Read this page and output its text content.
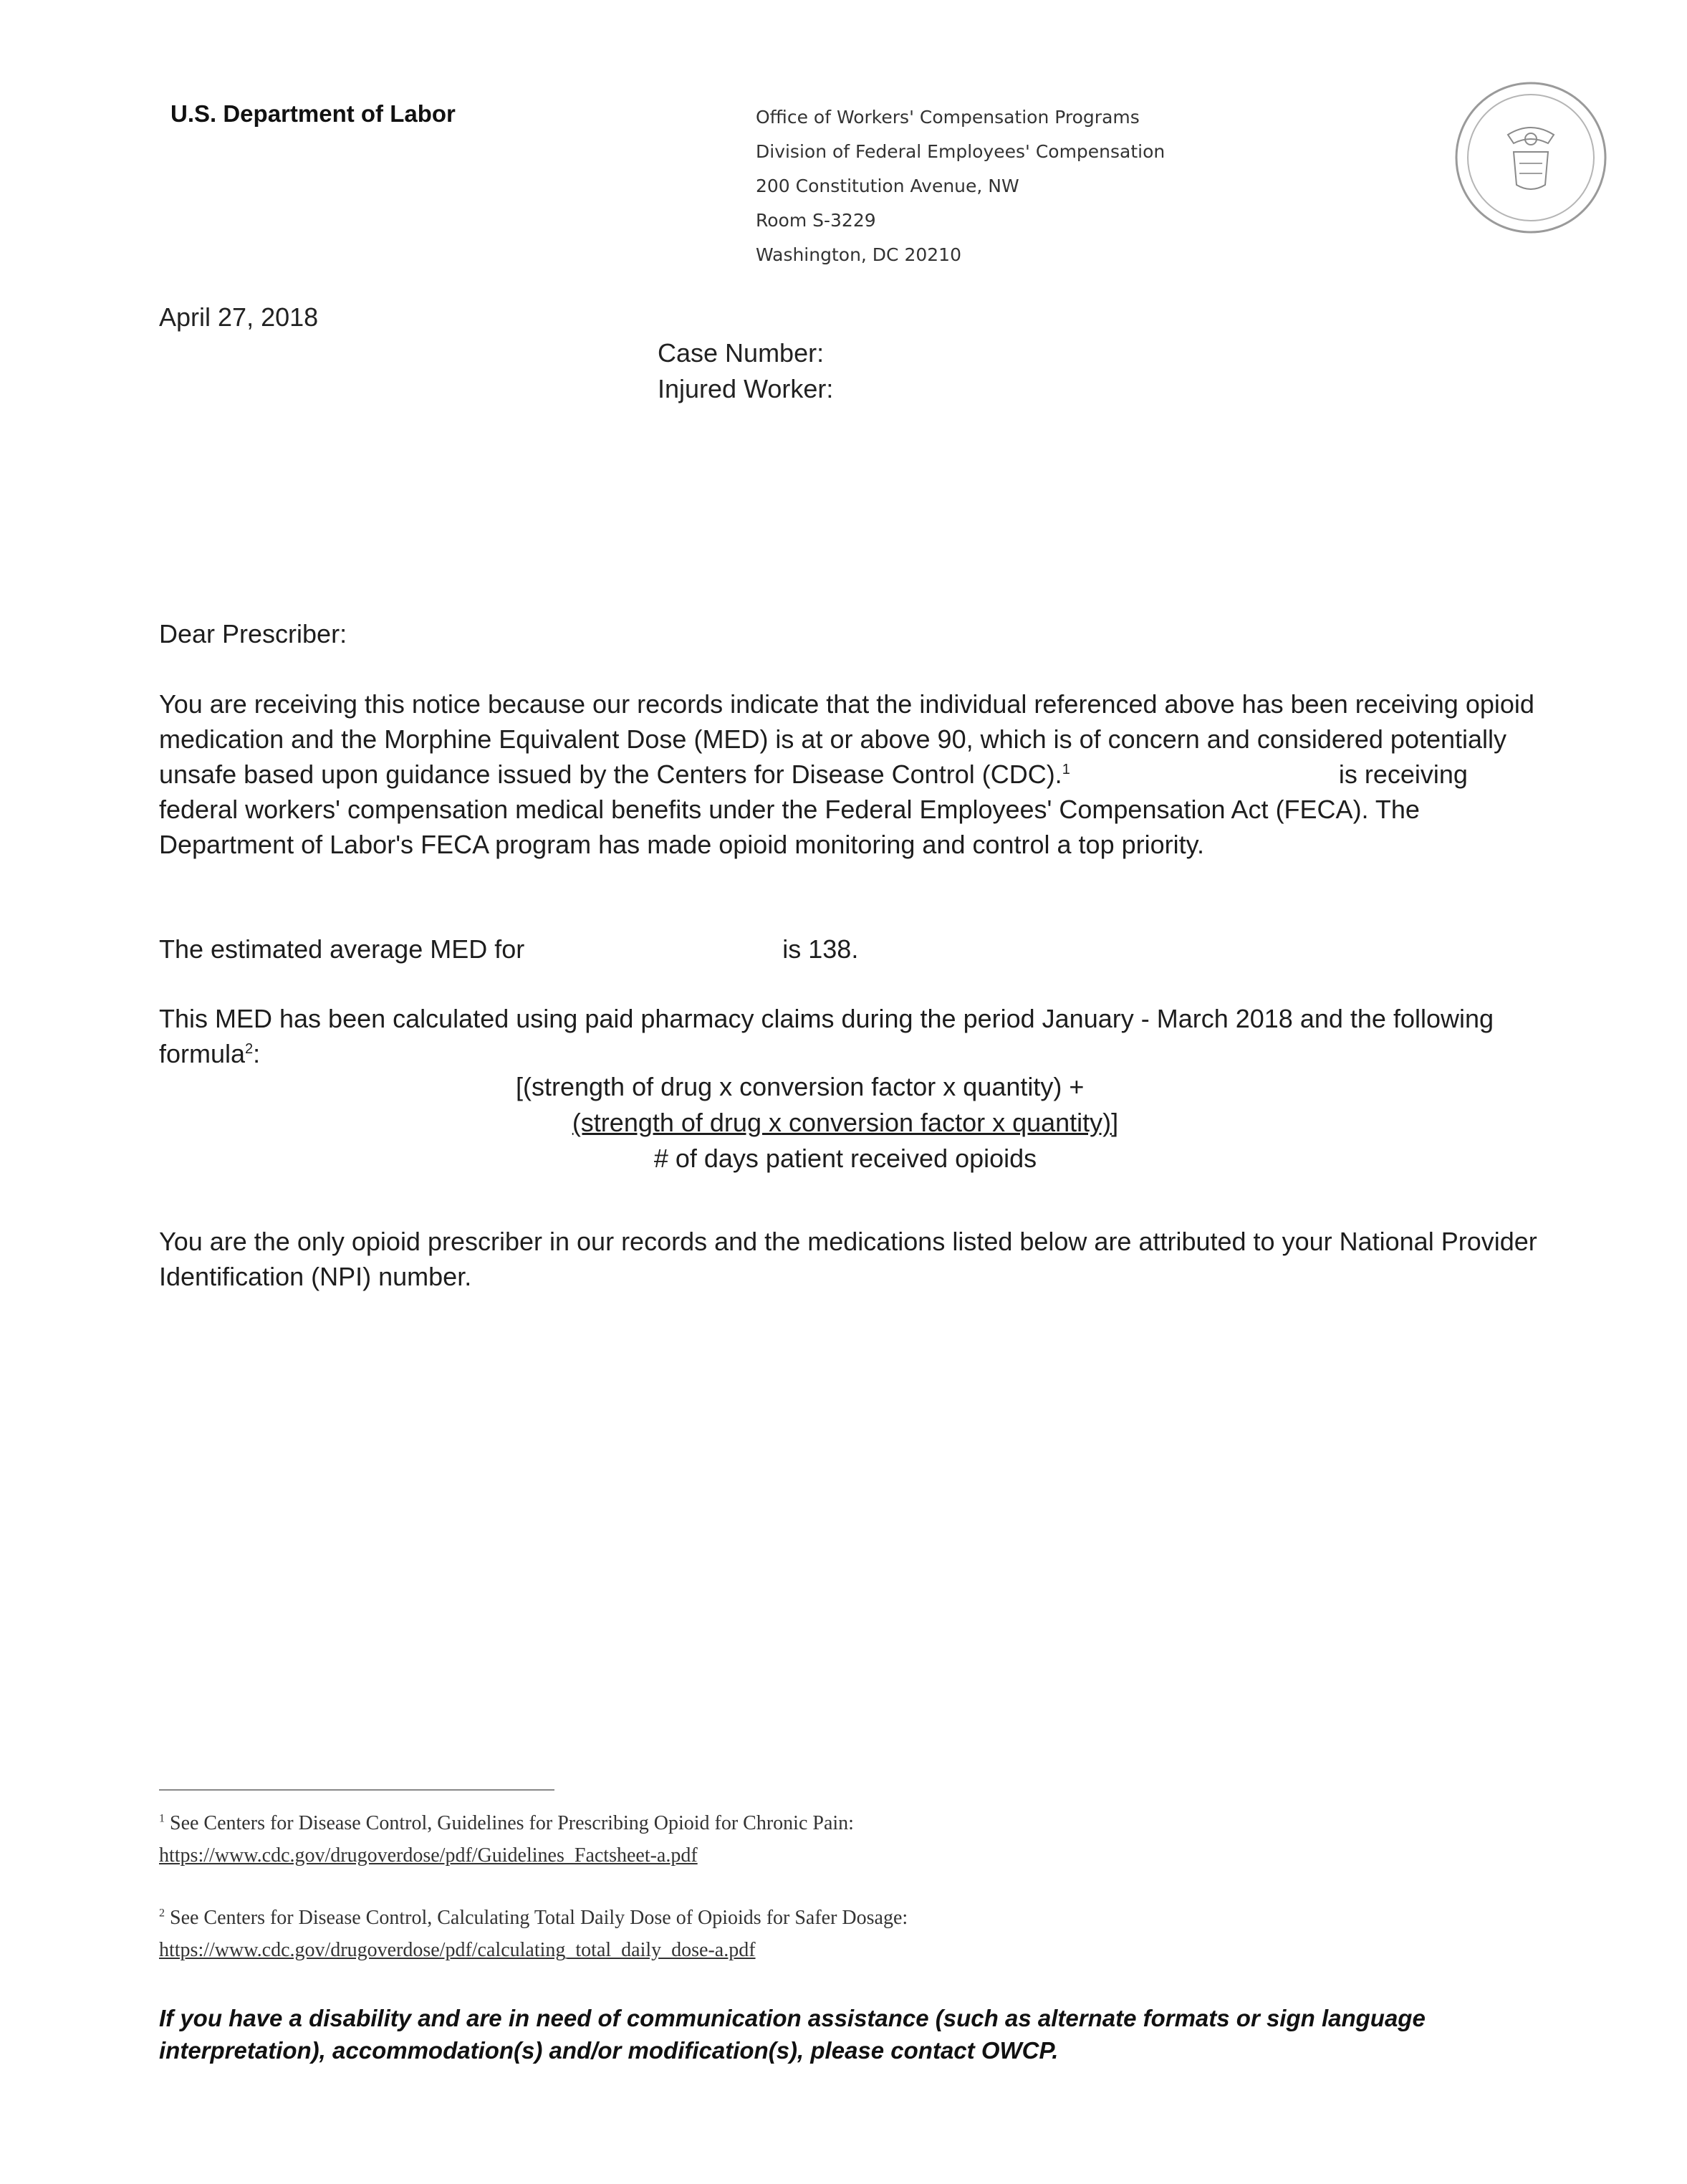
U.S. Department of Labor	Office of Workers' Compensation Programs
Division of Federal Employees' Compensation
200 Constitution Avenue, NW
Room S-3229
Washington, DC 20210
April 27, 2018
Case Number:
Injured Worker:
Dear Prescriber:
You are receiving this notice because our records indicate that the individual referenced above has been receiving opioid medication and the Morphine Equivalent Dose (MED) is at or above 90, which is of concern and considered potentially unsafe based upon guidance issued by the Centers for Disease Control (CDC).$^1$	is receiving federal workers' compensation medical benefits under the Federal Employees' Compensation Act (FECA). The Department of Labor's FECA program has made opioid monitoring and control a top priority.
The estimated average MED for	is 138.
This MED has been calculated using paid pharmacy claims during the period January - March 2018 and the following formula$^2$:
[(strength of drug x conversion factor x quantity) +
(strength of drug x conversion factor x quantity)]
# of days patient received opioids
You are the only opioid prescriber in our records and the medications listed below are attributed to your National Provider Identification (NPI) number.
$^1$ See Centers for Disease Control, Guidelines for Prescribing Opioid for Chronic Pain:
https://www.cdc.gov/drugoverdose/pdf/Guidelines_Factsheet-a.pdf
$^2$ See Centers for Disease Control, Calculating Total Daily Dose of Opioids for Safer Dosage:
https://www.cdc.gov/drugoverdose/pdf/calculating_total_daily_dose-a.pdf
If you have a disability and are in need of communication assistance (such as alternate formats or sign language interpretation), accommodation(s) and/or modification(s), please contact OWCP.
